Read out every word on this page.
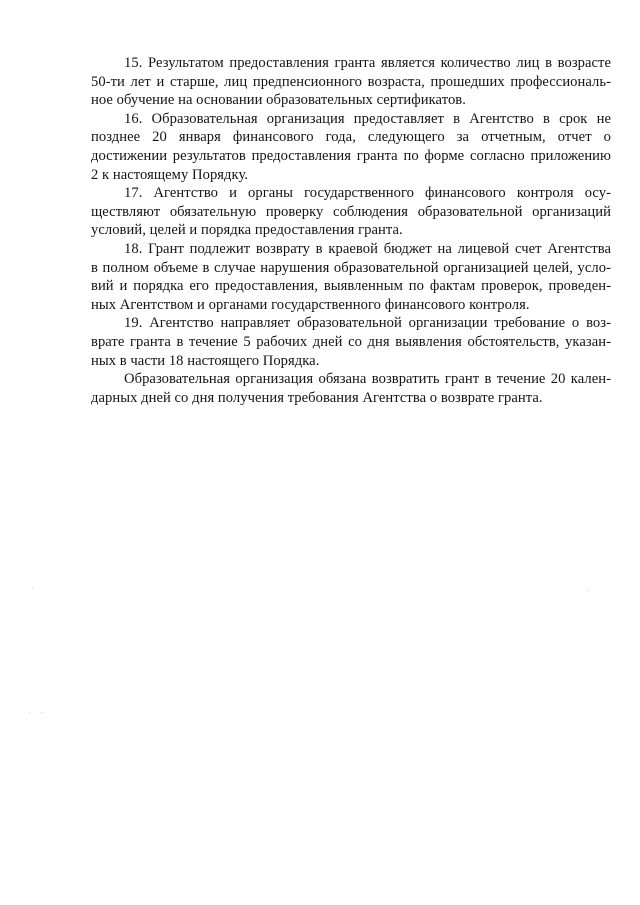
15. Результатом предоставления гранта является количество лиц в возрасте
50-ти лет и старше, лиц предпенсионного возраста, прошедших профессиональ-
ное обучение на основании образовательных сертификатов.
16. Образовательная организация предоставляет в Агентство в срок не
позднее 20 января финансового года, следующего за отчетным, отчет о
достижении результатов предоставления гранта по форме согласно приложению
2 к настоящему Порядку.
17. Агентство и органы государственного финансового контроля осу-
ществляют обязательную проверку соблюдения образовательной организаций
условий, целей и порядка предоставления гранта.
18. Грант подлежит возврату в краевой бюджет на лицевой счет Агентства
в полном объеме в случае нарушения образовательной организацией целей, усло-
вий и порядка его предоставления, выявленным по фактам проверок, проведен-
ных Агентством и органами государственного финансового контроля.
19. Агентство направляет образовательной организации требование о воз-
врате гранта в течение 5 рабочих дней со дня выявления обстоятельств, указан-
ных в части 18 настоящего Порядка.
Образовательная организация обязана возвратить грант в течение 20 кален-
дарных дней со дня получения требования Агентства о возврате гранта.
